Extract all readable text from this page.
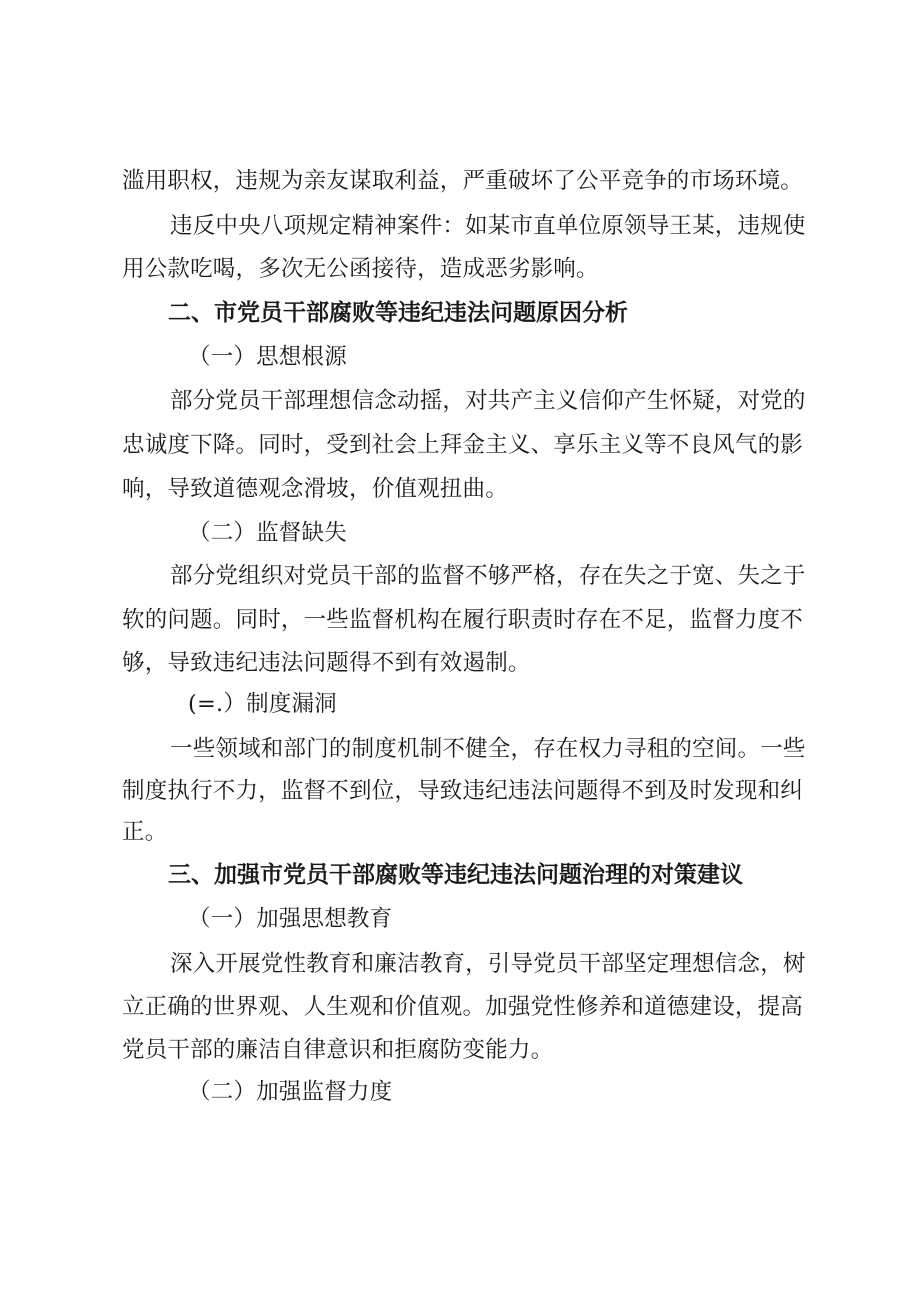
滥用职权，违规为亲友谋取利益，严重破坏了公平竞争的市场环境。
违反中央八项规定精神案件：如某市直单位原领导王某，违规使
用公款吃喝，多次无公函接待，造成恶劣影响。
二、市党员干部腐败等违纪违法问题原因分析
（一）思想根源
部分党员干部理想信念动摇，对共产主义信仰产生怀疑，对党的
忠诚度下降。同时，受到社会上拜金主义、享乐主义等不良风气的影
响，导致道德观念滑坡，价值观扭曲。
（二）监督缺失
部分党组织对党员干部的监督不够严格，存在失之于宽、失之于
软的问题。同时，一些监督机构在履行职责时存在不足，监督力度不
够，导致违纪违法问题得不到有效遏制。
(=.）制度漏洞
一些领域和部门的制度机制不健全，存在权力寻租的空间。一些
制度执行不力，监督不到位，导致违纪违法问题得不到及时发现和纠
正。
三、加强市党员干部腐败等违纪违法问题治理的对策建议
（一）加强思想教育
深入开展党性教育和廉洁教育，引导党员干部坚定理想信念，树
立正确的世界观、人生观和价值观。加强党性修养和道德建设，提高
党员干部的廉洁自律意识和拒腐防变能力。
（二）加强监督力度
